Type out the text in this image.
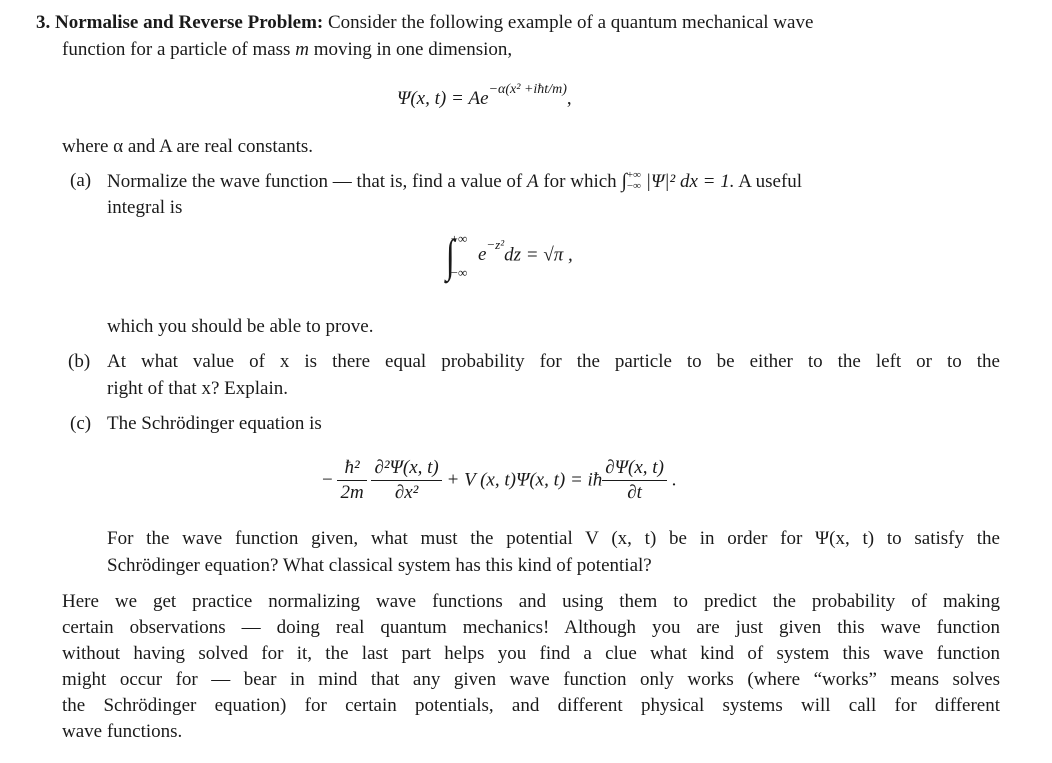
3. Normalise and Reverse Problem: Consider the following example of a quantum mechanical wave
function for a particle of mass m moving in one dimension,
Ψ(x, $t) = Ae^{-\alpha(x^2 +iħt/m)}$,
where α and A are real constants.
(a) Normalize the wave function — that is, find a value of A for which ∫ +∞
−∞ |Ψ|² dx = 1. A useful
integral is
∫
+∞
−∞
$e^{-z^2}dz = √\pi$ ,
which you should be able to prove.
(b) At what value of x is there equal probability for the particle to be either to the left or to the
right of that x? Explain.
(c) The Schrödinger equation is
− $\frac{\text{ħ²}}{2m}$
$\frac{\text{∂²Ψ(x, t)}}{\text{∂x²}} + V$ (x, t)Ψ(x, t) = iħ $\frac{\partial\Psi(x, t)}{\partial t}$ .
For the wave function given, what must the potential V (x, t) be in order for Ψ(x, t) to satisfy the
Schrödinger equation? What classical system has this kind of potential?
Here we get practice normalizing wave functions and using them to predict the probability of making
certain observations — doing real quantum mechanics! Although you are just given this wave function
without having solved for it, the last part helps you find a clue what kind of system this wave function
might occur for — bear in mind that any given wave function only works (where “works” means solves
the Schrödinger equation) for certain potentials, and different physical systems will call for different
wave functions.
